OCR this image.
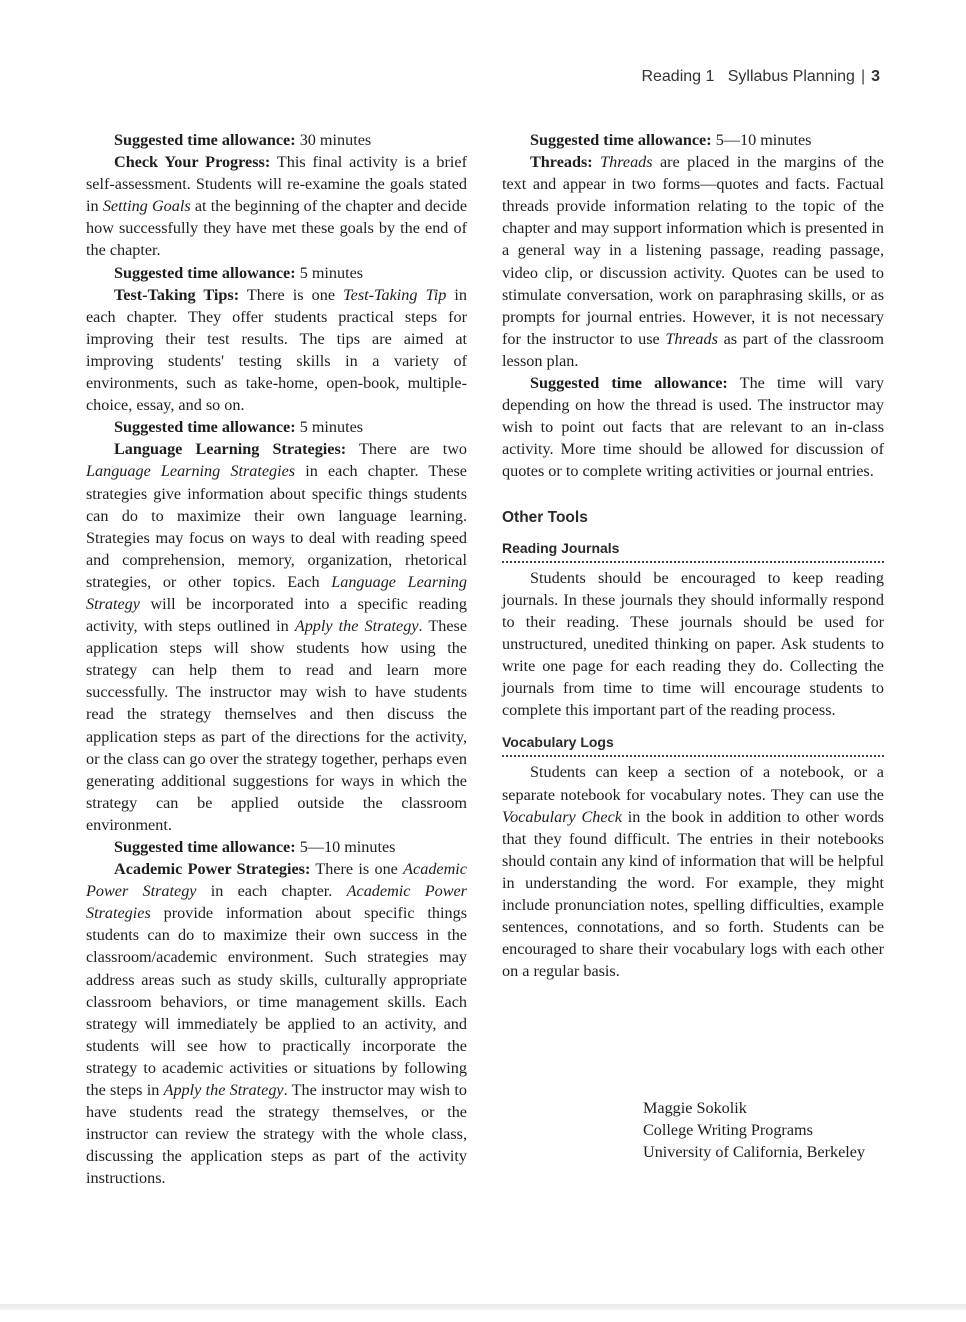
Reading 1 Syllabus Planning | 3

Suggested time allowance: 30 minutes

Check Your Progress: This final activity is a brief self-assessment. Students will re-examine the goals stated in Setting Goals at the beginning of the chapter and decide how successfully they have met these goals by the end of the chapter.

Suggested time allowance: 5 minutes

Test-Taking Tips: There is one Test-Taking Tip in each chapter. They offer students practical steps for improving their test results. The tips are aimed at improving students' testing skills in a variety of environments, such as take-home, open-book, multiple-choice, essay, and so on.

Suggested time allowance: 5 minutes

Language Learning Strategies: There are two Language Learning Strategies in each chapter. These strategies give information about specific things students can do to maximize their own language learning. Strategies may focus on ways to deal with reading speed and comprehension, memory, organization, rhetorical strategies, or other topics. Each Language Learning Strategy will be incorporated into a specific reading activity, with steps outlined in Apply the Strategy. These application steps will show students how using the strategy can help them to read and learn more successfully. The instructor may wish to have students read the strategy themselves and then discuss the application steps as part of the directions for the activity, or the class can go over the strategy together, perhaps even generating additional suggestions for ways in which the strategy can be applied outside the classroom environment.

Suggested time allowance: 5—10 minutes

Academic Power Strategies: There is one Academic Power Strategy in each chapter. Academic Power Strategies provide information about specific things students can do to maximize their own success in the classroom/academic environment. Such strategies may address areas such as study skills, culturally appropriate classroom behaviors, or time management skills. Each strategy will immediately be applied to an activity, and students will see how to practically incorporate the strategy to academic activities or situations by following the steps in Apply the Strategy. The instructor may wish to have students read the strategy themselves, or the instructor can review the strategy with the whole class, discussing the application steps as part of the activity instructions.

Suggested time allowance: 5—10 minutes

Threads: Threads are placed in the margins of the text and appear in two forms—quotes and facts. Factual threads provide information relating to the topic of the chapter and may support information which is presented in a general way in a listening passage, reading passage, video clip, or discussion activity. Quotes can be used to stimulate conversation, work on paraphrasing skills, or as prompts for journal entries. However, it is not necessary for the instructor to use Threads as part of the classroom lesson plan.

Suggested time allowance: The time will vary depending on how the thread is used. The instructor may wish to point out facts that are relevant to an in-class activity. More time should be allowed for discussion of quotes or to complete writing activities or journal entries.

Other Tools
Reading Journals

Students should be encouraged to keep reading journals. In these journals they should informally respond to their reading. These journals should be used for unstructured, unedited thinking on paper. Ask students to write one page for each reading they do. Collecting the journals from time to time will encourage students to complete this important part of the reading process.

Vocabulary Logs

Students can keep a section of a notebook, or a separate notebook for vocabulary notes. They can use the Vocabulary Check in the book in addition to other words that they found difficult. The entries in their notebooks should contain any kind of information that will be helpful in understanding the word. For example, they might include pronunciation notes, spelling difficulties, example sentences, connotations, and so forth. Students can be encouraged to share their vocabulary logs with each other on a regular basis.

Maggie Sokolik
College Writing Programs
University of California, Berkeley
